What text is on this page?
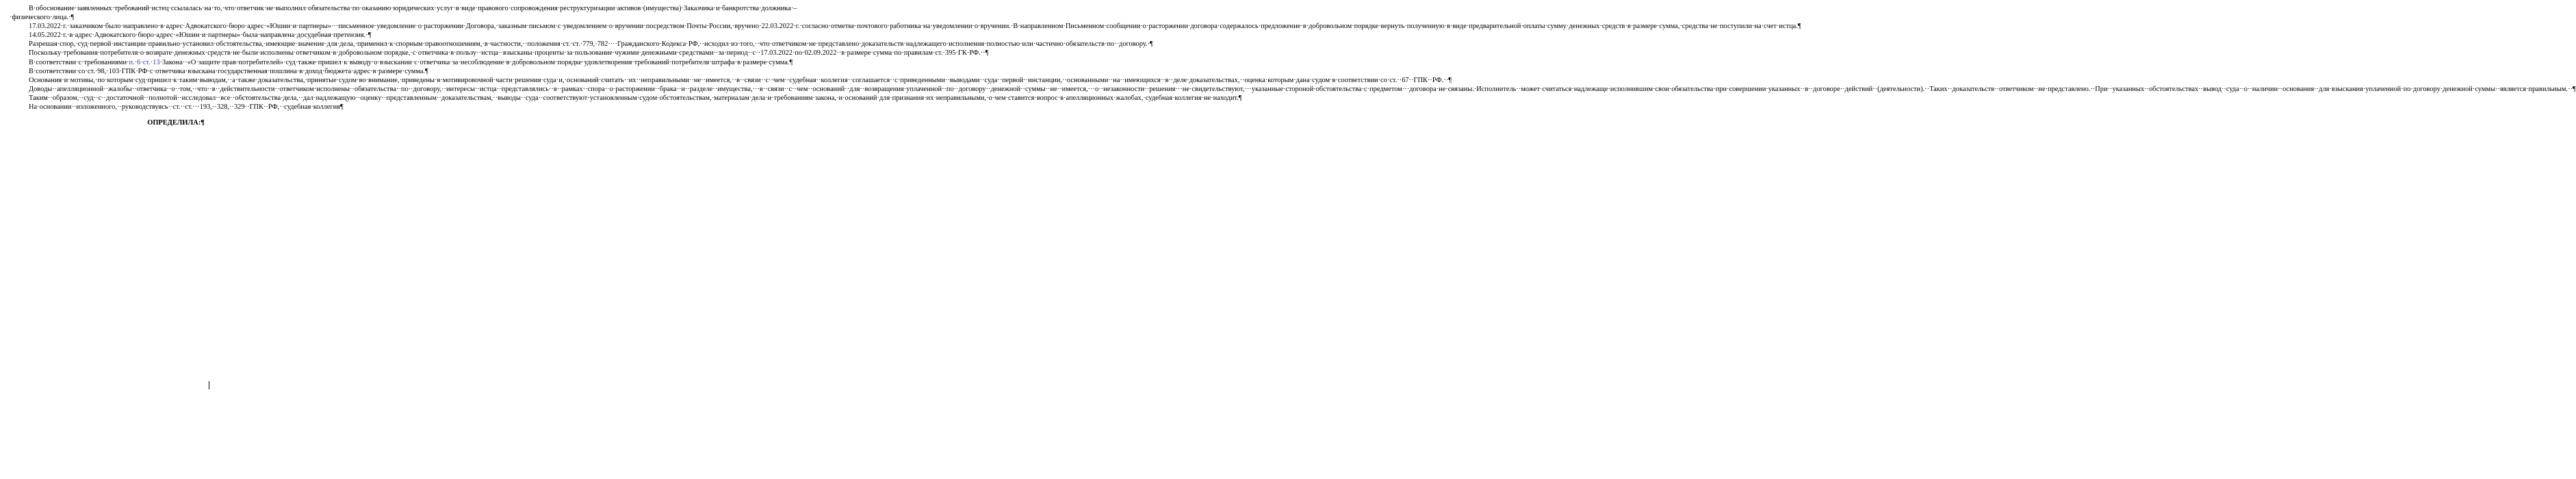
В·обоснование·заявленных·требований·истец·ссылалась·на·то,·что·ответчик·не·выполнил·обязательства·по·оказанию·юридических·услуг·в·виде·правового·сопровождения·реструктуризации·активов·(имущества)·Заказчика·и·банкротства·должника·–·физического·лица.·¶

17.03.2022·г.·заказчиком·было·направлено·в·адрес·Адвокатского·бюро·адрес·«Юшин·и·партнеры»···письменное·уведомление·о·расторжении·Договора,·заказным·письмом·с·уведомлением·о·вручении·посредством·Почты·России,·вручено·22.03.2022·г.·согласно·отметке·почтового·работника·на·уведомлении·о·вручении.·В·направленном·Письменном·сообщении·о·расторжении·договора·содержалось·предложение·в·добровольном·порядке·вернуть·полученную·в·виде·предварительной·оплаты·сумму·денежных·средств·в·размере·сумма,·средства·не·поступили·на·счет·истца.¶

14.05.2022·г.·в·адрес·Адвокатского·бюро·адрес·«Юшин·и·партнеры»·была·направлена·досудебная·претензия.·¶

Разрешая·спор,·суд·первой·инстанции·правильно·установил·обстоятельства,·имеющие·значение·для·дела,·применил·к·спорным·правоотношениям,·в·частности,··положения·ст.·ст.·779,·782····Гражданского·Кодекса·РФ,··исходил·из·того,··что·ответчиком·не·представлено·доказательств·надлежащего·исполнения·полностью·или·частично·обязательств·по··договору.·¶

Поскольку·требования·потребителя·о·возврате·денежных·средств·не·были·исполнены·ответчиком·в·добровольном·порядке,·с·ответчика·в·пользу··истца··взысканы·проценты·за·пользование·чужими·денежными·средствами··за·период··с··17.03.2022·по·02.09.2022··в·размере·сумма·по·правилам·ст.·395·ГК·РФ.··¶

В·соответствии·с·требованиями·п.·6·ст.·13·Закона··«О·защите·прав·потребителей»·суд·также·пришел·к·выводу·о·взыскании·с·ответчика·за·несоблюдение·в·добровольном·порядке·удовлетворения·требований·потребителя·штрафа·в·размере·сумма.¶

В·соответствии·со·ст.·98,·103·ГПК·РФ·с·ответчика·взыскана·государственная·пошлина·в·доход·бюджета·адрес·в·размере·сумма.¶

Основания·и·мотивы,·по·которым·суд·пришел·к·таким·выводам,··а·также·доказательства,·принятые·судом·во·внимание,·приведены·в·мотивировочной·части·решения·суда·и,·оснований·считать··их··неправильными··не··имеется,··в··связи··с··чем··судебная··коллегия··соглашается··с·приведенными··выводами··суда··первой··инстанции,··основанными··на··имеющихся··в··деле·доказательствах,··оценка·которым·дана·судом·в·соответствии·со·ст.··67··ГПК··РФ.··¶

Доводы··апелляционной··жалобы··ответчика··о··том,··что··в··действительности··ответчиком·исполнены··обязательства··по··договору,··интересы··истца··представлялись··в··рамках··спора··о·расторжении··брака··и··разделе··имущества,···в··связи··с··чем··оснований··для··возвращения·уплаченной··по··договору··денежной··суммы··не··имеется,···о··незаконности··решения···не·свидетельствуют,···указанные·стороной·обстоятельства·с·предметом···договора·не·связаны.·Исполнитель··может·считаться·надлежаще·исполнившим·свои·обязательства·при·совершении·указанных··в··договоре··действий··(деятельности).··Таких··доказательств··ответчиком··не·представлено.··При··указанных··обстоятельствах··вывод··суда··о··наличии··основания··для·взыскания·уплаченной·по·договору·денежной·суммы··является·правильным.··¶

Таким··образом,··суд··с··достаточной··полнотой··исследовал··все··обстоятельства·дела,··дал·надлежащую··оценку··представленным··доказательствам,··выводы··суда··соответствуют·установленным·судом·обстоятельствам,·материалам·дела·и·требованиям·закона,·и·оснований·для·признания·их·неправильными,·о·чем·ставится·вопрос·в·апелляционных·жалобах,·судебная·коллегия·не·находит.¶

На·основании··изложенного,··руководствуясь··ст.··ст.···193,··328,··329··ГПК··РФ,··судебная·коллегия¶

ОПРЕДЕЛИЛА:¶
